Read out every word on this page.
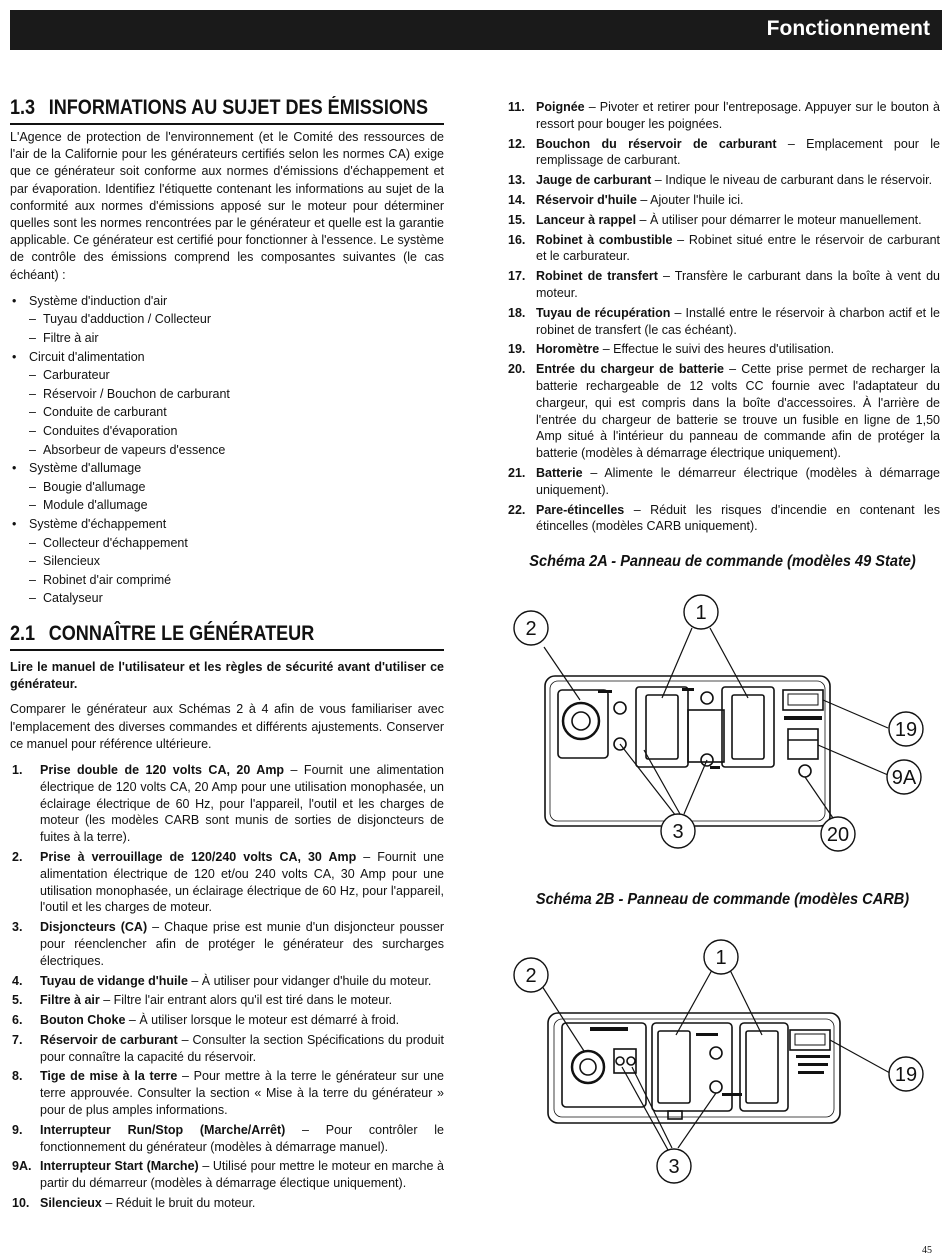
Fonctionnement
1.3 INFORMATIONS AU SUJET DES ÉMISSIONS

L'Agence de protection de l'environnement (et le Comité des ressources de l'air de la Californie pour les générateurs certifiés selon les normes CA) exige que ce générateur soit conforme aux normes d'émissions d'échappement et par évaporation. Identifiez l'étiquette contenant les informations au sujet de la conformité aux normes d'émissions apposé sur le moteur pour déterminer quelles sont les normes rencontrées par le générateur et quelle est la garantie applicable. Ce générateur est certifié pour fonctionner à l'essence. Le système de contrôle des émissions comprend les composantes suivantes (le cas échéant) :

• Système d'induction d'air
– Tuyau d'adduction / Collecteur
– Filtre à air
• Circuit d'alimentation
– Carburateur
– Réservoir / Bouchon de carburant
– Conduite de carburant
– Conduites d'évaporation
– Absorbeur de vapeurs d'essence
• Système d'allumage
– Bougie d'allumage
– Module d'allumage
• Système d'échappement
– Collecteur d'échappement
– Silencieux
– Robinet d'air comprimé
– Catalyseur
2.1 CONNAÎTRE LE GÉNÉRATEUR

Lire le manuel de l'utilisateur et les règles de sécurité avant d'utiliser ce générateur.

Comparer le générateur aux Schémas 2 à 4 afin de vous familiariser avec l'emplacement des diverses commandes et différents ajustements. Conserver ce manuel pour référence ultérieure.

1. Prise double de 120 volts CA, 20 Amp – Fournit une alimentation électrique de 120 volts CA, 20 Amp pour une utilisation monophasée, un éclairage électrique de 60 Hz, pour l'appareil, l'outil et les charges de moteur (les modèles CARB sont munis de sorties de disjoncteurs de fuites à la terre).
2. Prise à verrouillage de 120/240 volts CA, 30 Amp – Fournit une alimentation électrique de 120 et/ou 240 volts CA, 30 Amp pour une utilisation monophasée, un éclairage électrique de 60 Hz, pour l'appareil, l'outil et les charges de moteur.
3. Disjoncteurs (CA) – Chaque prise est munie d'un disjoncteur pousser pour réenclencher afin de protéger le générateur des surcharges électriques.
4. Tuyau de vidange d'huile – À utiliser pour vidanger d'huile du moteur.
5. Filtre à air – Filtre l'air entrant alors qu'il est tiré dans le moteur.
6. Bouton Choke – À utiliser lorsque le moteur est démarré à froid.
7. Réservoir de carburant – Consulter la section Spécifications du produit pour connaître la capacité du réservoir.
8. Tige de mise à la terre – Pour mettre à la terre le générateur sur une terre approuvée. Consulter la section « Mise à la terre du générateur » pour de plus amples informations.
9. Interrupteur Run/Stop (Marche/Arrêt) – Pour contrôler le fonctionnement du générateur (modèles à démarrage manuel).
9A. Interrupteur Start (Marche) – Utilisé pour mettre le moteur en marche à partir du démarreur (modèles à démarrage électique uniquement).
10. Silencieux – Réduit le bruit du moteur.
11. Poignée – Pivoter et retirer pour l'entreposage. Appuyer sur le bouton à ressort pour bouger les poignées.
12. Bouchon du réservoir de carburant – Emplacement pour le remplissage de carburant.
13. Jauge de carburant – Indique le niveau de carburant dans le réservoir.
14. Réservoir d'huile – Ajouter l'huile ici.
15. Lanceur à rappel – À utiliser pour démarrer le moteur manuellement.
16. Robinet à combustible – Robinet situé entre le réservoir de carburant et le carburateur.
17. Robinet de transfert – Transfère le carburant dans la boîte à vent du moteur.
18. Tuyau de récupération – Installé entre le réservoir à charbon actif et le robinet de transfert (le cas échéant).
19. Horomètre – Effectue le suivi des heures d'utilisation.
20. Entrée du chargeur de batterie – Cette prise permet de recharger la batterie rechargeable de 12 volts CC fournie avec l'adaptateur du chargeur, qui est compris dans la boîte d'accessoires. À l'arrière de l'entrée du chargeur de batterie se trouve un fusible en ligne de 1,50 Amp situé à l'intérieur du panneau de commande afin de protéger la batterie (modèles à démarrage électrique uniquement).
21. Batterie – Alimente le démarreur électrique (modèles à démarrage uniquement).
22. Pare-étincelles – Réduit les risques d'incendie en contenant les étincelles (modèles CARB uniquement).
Schéma 2A - Panneau de commande (modèles 49 State)
2
1
3
19
9A
20
Schéma 2B - Panneau de commande (modèles CARB)
2
1
3
19
45
